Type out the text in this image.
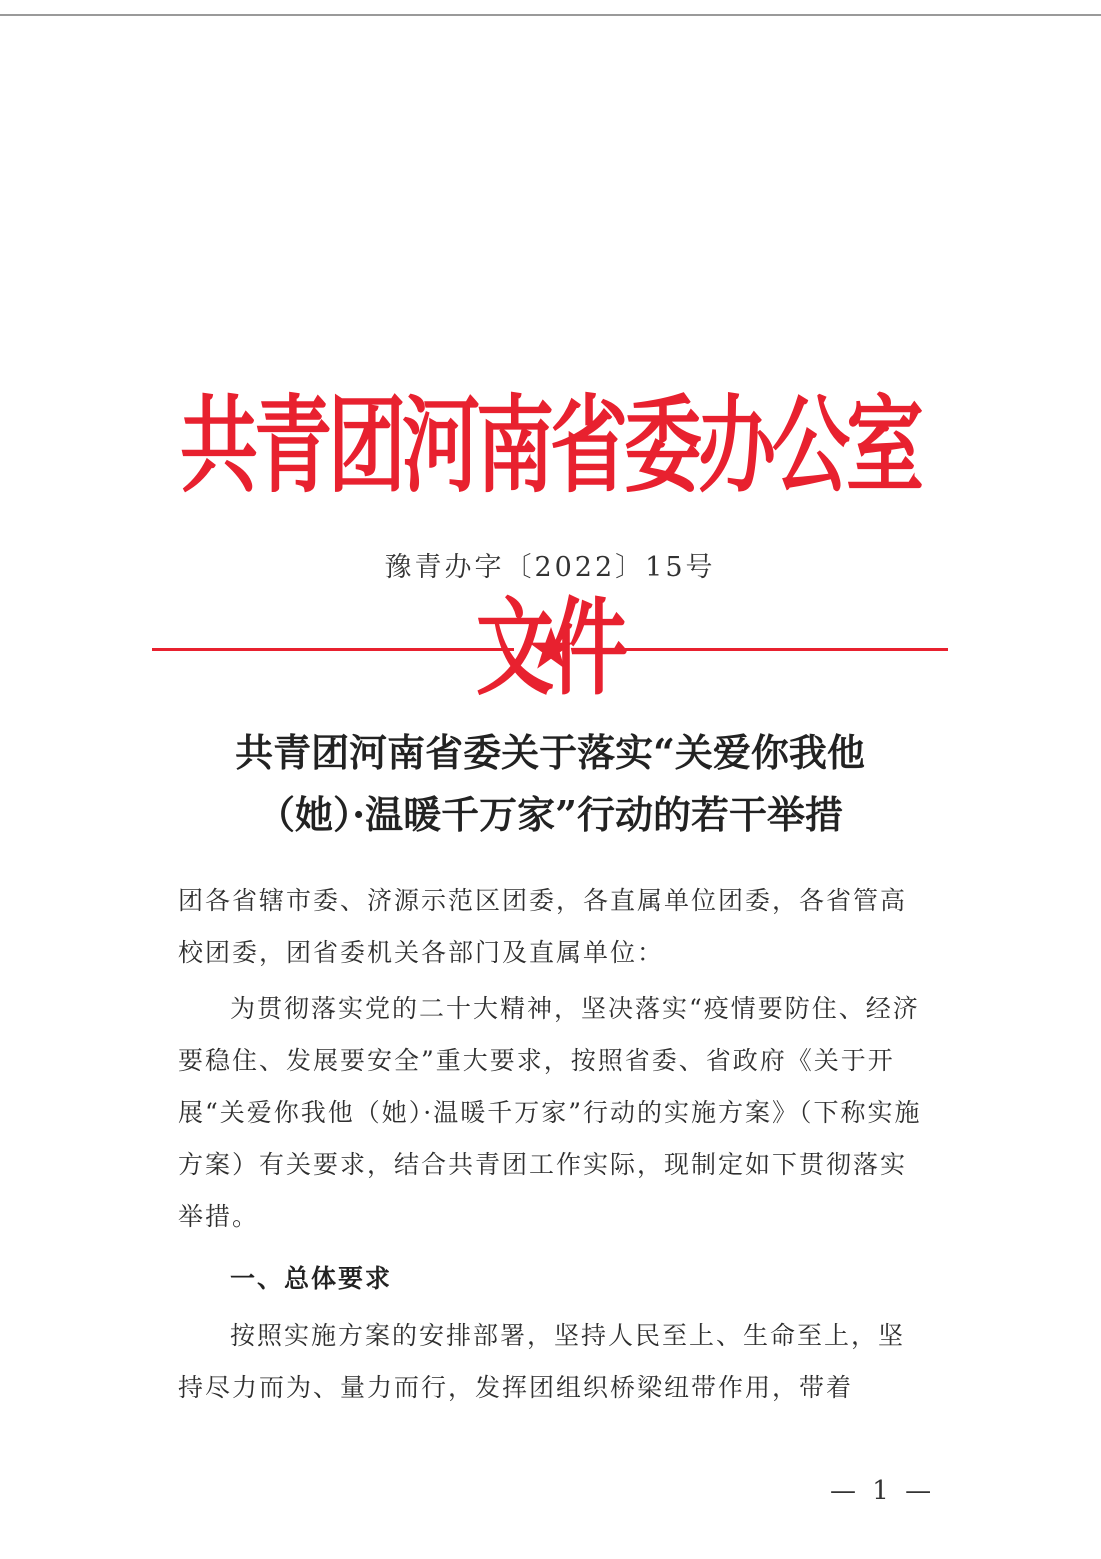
共青团河南省委办公室文件
豫青办字〔2022〕15号
共青团河南省委关于落实“关爱你我他
（她）·温暖千万家”行动的若干举措
团各省辖市委、济源示范区团委，各直属单位团委，各省管高校团委，团省委机关各部门及直属单位：
为贯彻落实党的二十大精神，坚决落实“疫情要防住、经济要稳住、发展要安全”重大要求，按照省委、省政府《关于开展“关爱你我他（她）·温暖千万家”行动的实施方案》（下称实施方案）有关要求，结合共青团工作实际，现制定如下贯彻落实举措。
一、总体要求
按照实施方案的安排部署，坚持人民至上、生命至上，坚持尽力而为、量力而行，发挥团组织桥梁纽带作用，带着
— 1 —
